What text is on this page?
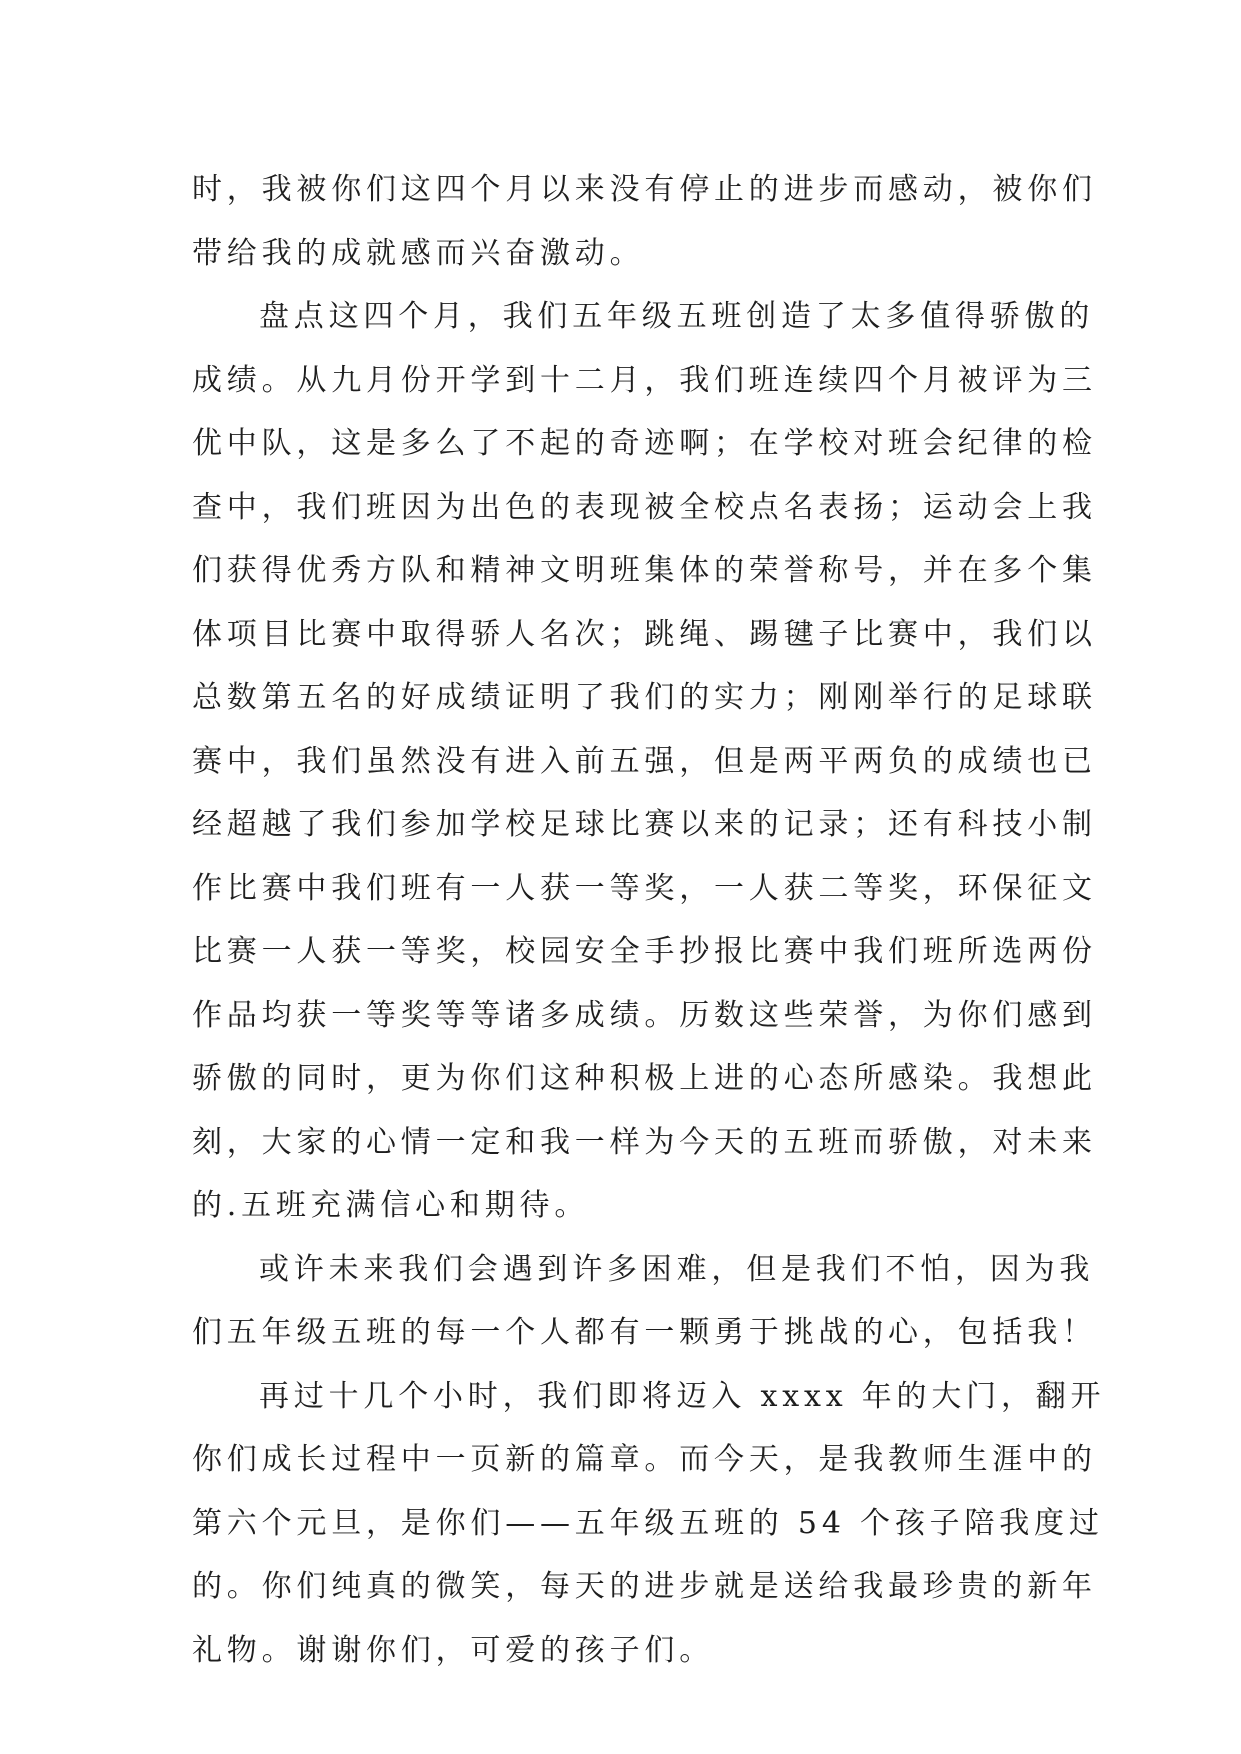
时，我被你们这四个月以来没有停止的进步而感动，被你们
带给我的成就感而兴奋激动。
盘点这四个月，我们五年级五班创造了太多值得骄傲的
成绩。从九月份开学到十二月，我们班连续四个月被评为三
优中队，这是多么了不起的奇迹啊；在学校对班会纪律的检
查中，我们班因为出色的表现被全校点名表扬；运动会上我
们获得优秀方队和精神文明班集体的荣誉称号，并在多个集
体项目比赛中取得骄人名次；跳绳、踢毽子比赛中，我们以
总数第五名的好成绩证明了我们的实力；刚刚举行的足球联
赛中，我们虽然没有进入前五强，但是两平两负的成绩也已
经超越了我们参加学校足球比赛以来的记录；还有科技小制
作比赛中我们班有一人获一等奖，一人获二等奖，环保征文
比赛一人获一等奖，校园安全手抄报比赛中我们班所选两份
作品均获一等奖等等诸多成绩。历数这些荣誉，为你们感到
骄傲的同时，更为你们这种积极上进的心态所感染。我想此
刻，大家的心情一定和我一样为今天的五班而骄傲，对未来
的.五班充满信心和期待。
或许未来我们会遇到许多困难，但是我们不怕，因为我
们五年级五班的每一个人都有一颗勇于挑战的心，包括我！
再过十几个小时，我们即将迈入 xxxx 年的大门，翻开
你们成长过程中一页新的篇章。而今天，是我教师生涯中的
第六个元旦，是你们——五年级五班的 54 个孩子陪我度过
的。你们纯真的微笑，每天的进步就是送给我最珍贵的新年
礼物。谢谢你们，可爱的孩子们。
